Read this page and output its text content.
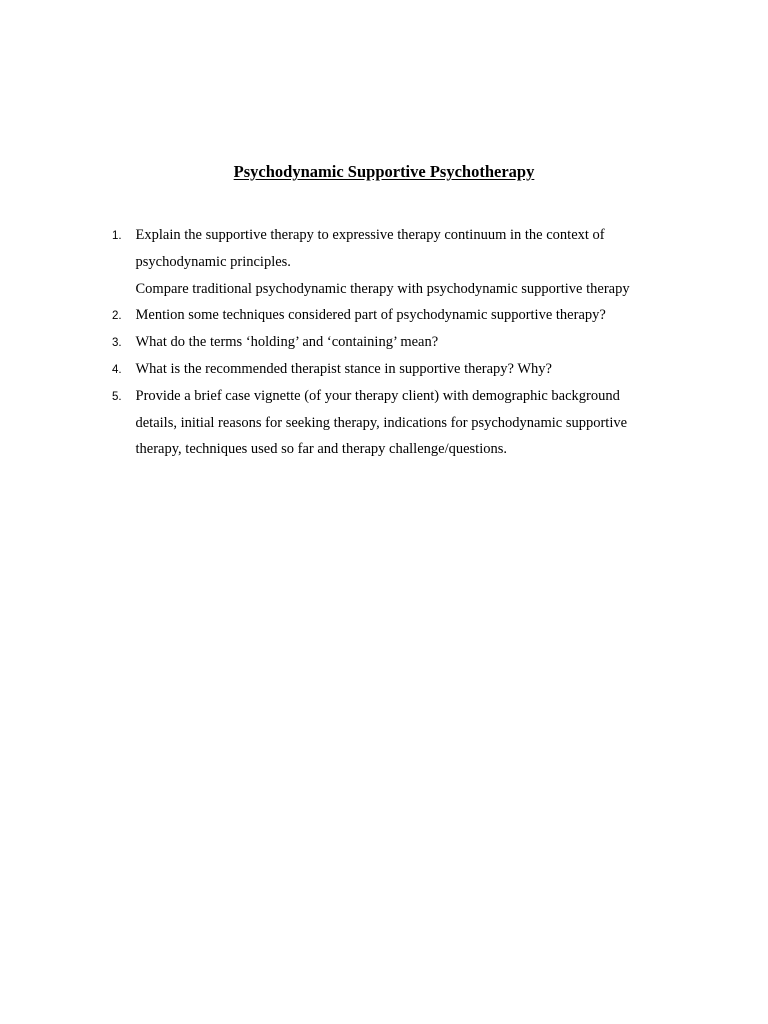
Psychodynamic Supportive Psychotherapy
1. Explain the supportive therapy to expressive therapy continuum in the context of
psychodynamic principles.
Compare traditional psychodynamic therapy with psychodynamic supportive therapy
2. Mention some techniques considered part of psychodynamic supportive therapy?
3. What do the terms ‘holding’ and ‘containing’ mean?
4. What is the recommended therapist stance in supportive therapy? Why?
5. Provide a brief case vignette (of your therapy client) with demographic background
details, initial reasons for seeking therapy, indications for psychodynamic supportive
therapy, techniques used so far and therapy challenge/questions.
